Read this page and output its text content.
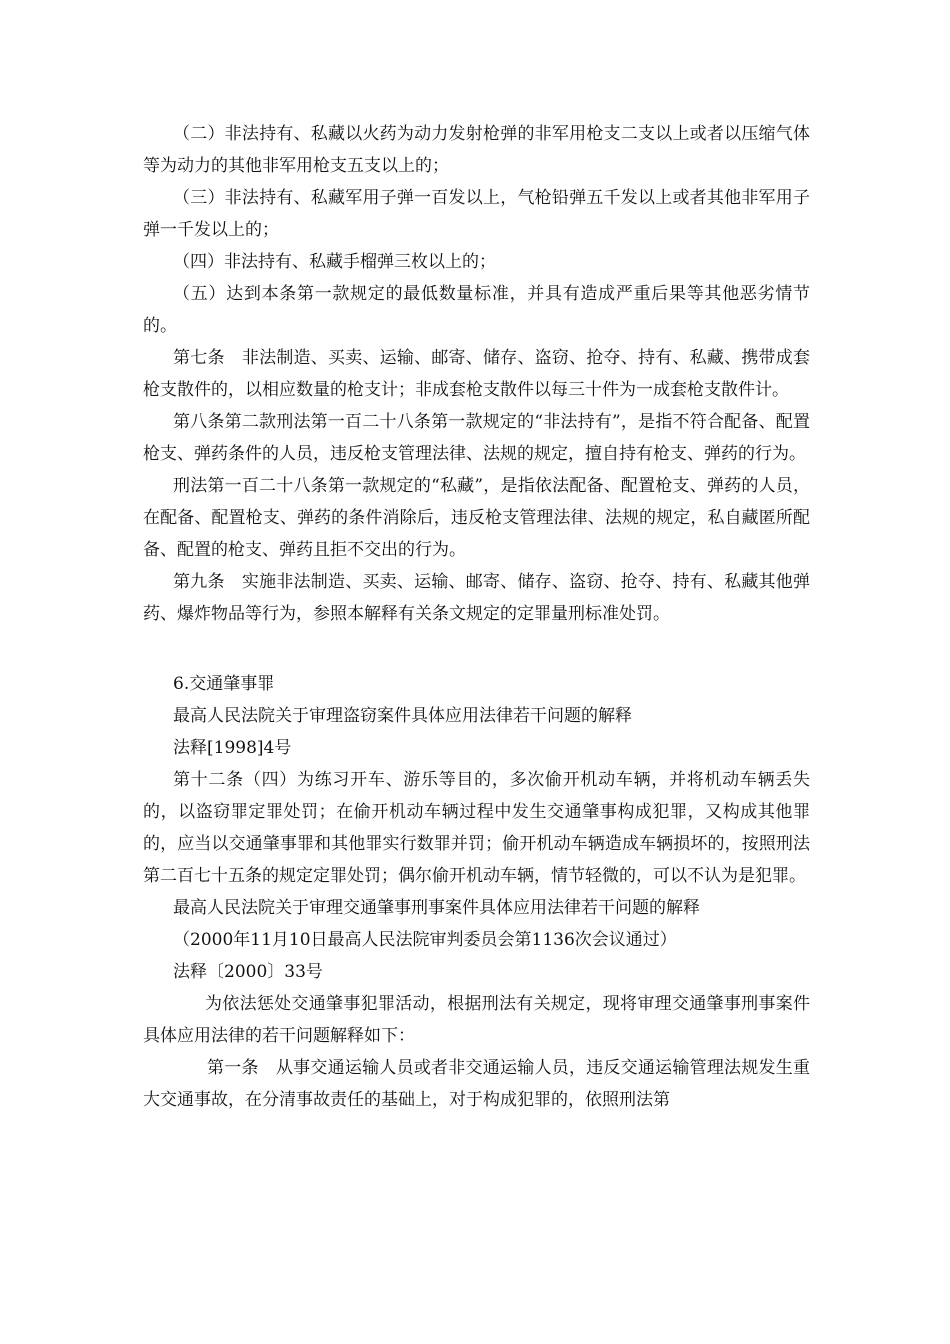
（二）非法持有、私藏以火药为动力发射枪弹的非军用枪支二支以上或者以压缩气体等为动力的其他非军用枪支五支以上的；

（三）非法持有、私藏军用子弹一百发以上，气枪铅弹五千发以上或者其他非军用子弹一千发以上的；

（四）非法持有、私藏手榴弹三枚以上的；

（五）达到本条第一款规定的最低数量标准，并具有造成严重后果等其他恶劣情节的。

第七条　非法制造、买卖、运输、邮寄、储存、盗窃、抢夺、持有、私藏、携带成套枪支散件的，以相应数量的枪支计；非成套枪支散件以每三十件为一成套枪支散件计。

第八条第二款刑法第一百二十八条第一款规定的“非法持有”，是指不符合配备、配置枪支、弹药条件的人员，违反枪支管理法律、法规的规定，擅自持有枪支、弹药的行为。

刑法第一百二十八条第一款规定的“私藏”，是指依法配备、配置枪支、弹药的人员，在配备、配置枪支、弹药的条件消除后，违反枪支管理法律、法规的规定，私自藏匿所配备、配置的枪支、弹药且拒不交出的行为。

第九条　实施非法制造、买卖、运输、邮寄、储存、盗窃、抢夺、持有、私藏其他弹药、爆炸物品等行为，参照本解释有关条文规定的定罪量刑标准处罚。

6.交通肇事罪

最高人民法院关于审理盗窃案件具体应用法律若干问题的解释

法释[1998]4号

第十二条（四）为练习开车、游乐等目的，多次偷开机动车辆，并将机动车辆丢失的，以盗窃罪定罪处罚；在偷开机动车辆过程中发生交通肇事构成犯罪，又构成其他罪的，应当以交通肇事罪和其他罪实行数罪并罚；偷开机动车辆造成车辆损坏的，按照刑法第二百七十五条的规定定罪处罚；偶尔偷开机动车辆，情节轻微的，可以不认为是犯罪。

最高人民法院关于审理交通肇事刑事案件具体应用法律若干问题的解释

（2000年11月10日最高人民法院审判委员会第1136次会议通过）

法释〔2000〕33号

为依法惩处交通肇事犯罪活动，根据刑法有关规定，现将审理交通肇事刑事案件具体应用法律的若干问题解释如下：

第一条　从事交通运输人员或者非交通运输人员，违反交通运输管理法规发生重大交通事故，在分清事故责任的基础上，对于构成犯罪的，依照刑法第
